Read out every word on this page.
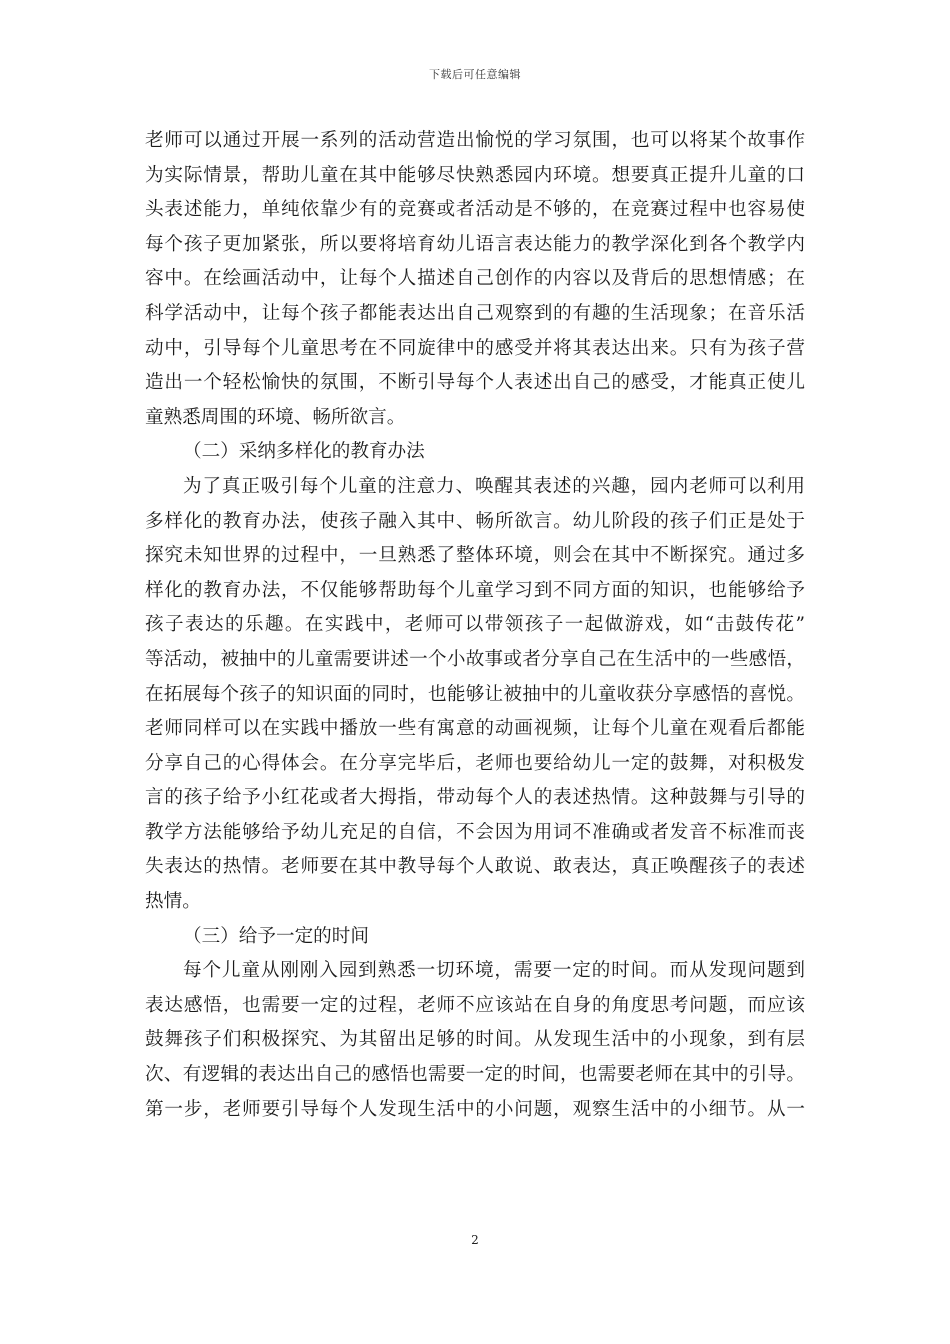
下载后可任意编辑
老师可以通过开展一系列的活动营造出愉悦的学习氛围，也可以将某个故事作
为实际情景，帮助儿童在其中能够尽快熟悉园内环境。想要真正提升儿童的口
头表述能力，单纯依靠少有的竞赛或者活动是不够的，在竞赛过程中也容易使
每个孩子更加紧张，所以要将培育幼儿语言表达能力的教学深化到各个教学内
容中。在绘画活动中，让每个人描述自己创作的内容以及背后的思想情感；在
科学活动中，让每个孩子都能表达出自己观察到的有趣的生活现象；在音乐活
动中，引导每个儿童思考在不同旋律中的感受并将其表达出来。只有为孩子营
造出一个轻松愉快的氛围，不断引导每个人表述出自己的感受，才能真正使儿
童熟悉周围的环境、畅所欲言。
（二）采纳多样化的教育办法
为了真正吸引每个儿童的注意力、唤醒其表述的兴趣，园内老师可以利用
多样化的教育办法，使孩子融入其中、畅所欲言。幼儿阶段的孩子们正是处于
探究未知世界的过程中，一旦熟悉了整体环境，则会在其中不断探究。通过多
样化的教育办法，不仅能够帮助每个儿童学习到不同方面的知识，也能够给予
孩子表达的乐趣。在实践中，老师可以带领孩子一起做游戏，如“击鼓传花”
等活动，被抽中的儿童需要讲述一个小故事或者分享自己在生活中的一些感悟，
在拓展每个孩子的知识面的同时，也能够让被抽中的儿童收获分享感悟的喜悦。
老师同样可以在实践中播放一些有寓意的动画视频，让每个儿童在观看后都能
分享自己的心得体会。在分享完毕后，老师也要给幼儿一定的鼓舞，对积极发
言的孩子给予小红花或者大拇指，带动每个人的表述热情。这种鼓舞与引导的
教学方法能够给予幼儿充足的自信，不会因为用词不准确或者发音不标准而丧
失表达的热情。老师要在其中教导每个人敢说、敢表达，真正唤醒孩子的表述
热情。
（三）给予一定的时间
每个儿童从刚刚入园到熟悉一切环境，需要一定的时间。而从发现问题到
表达感悟，也需要一定的过程，老师不应该站在自身的角度思考问题，而应该
鼓舞孩子们积极探究、为其留出足够的时间。从发现生活中的小现象，到有层
次、有逻辑的表达出自己的感悟也需要一定的时间，也需要老师在其中的引导。
第一步，老师要引导每个人发现生活中的小问题，观察生活中的小细节。从一
2
